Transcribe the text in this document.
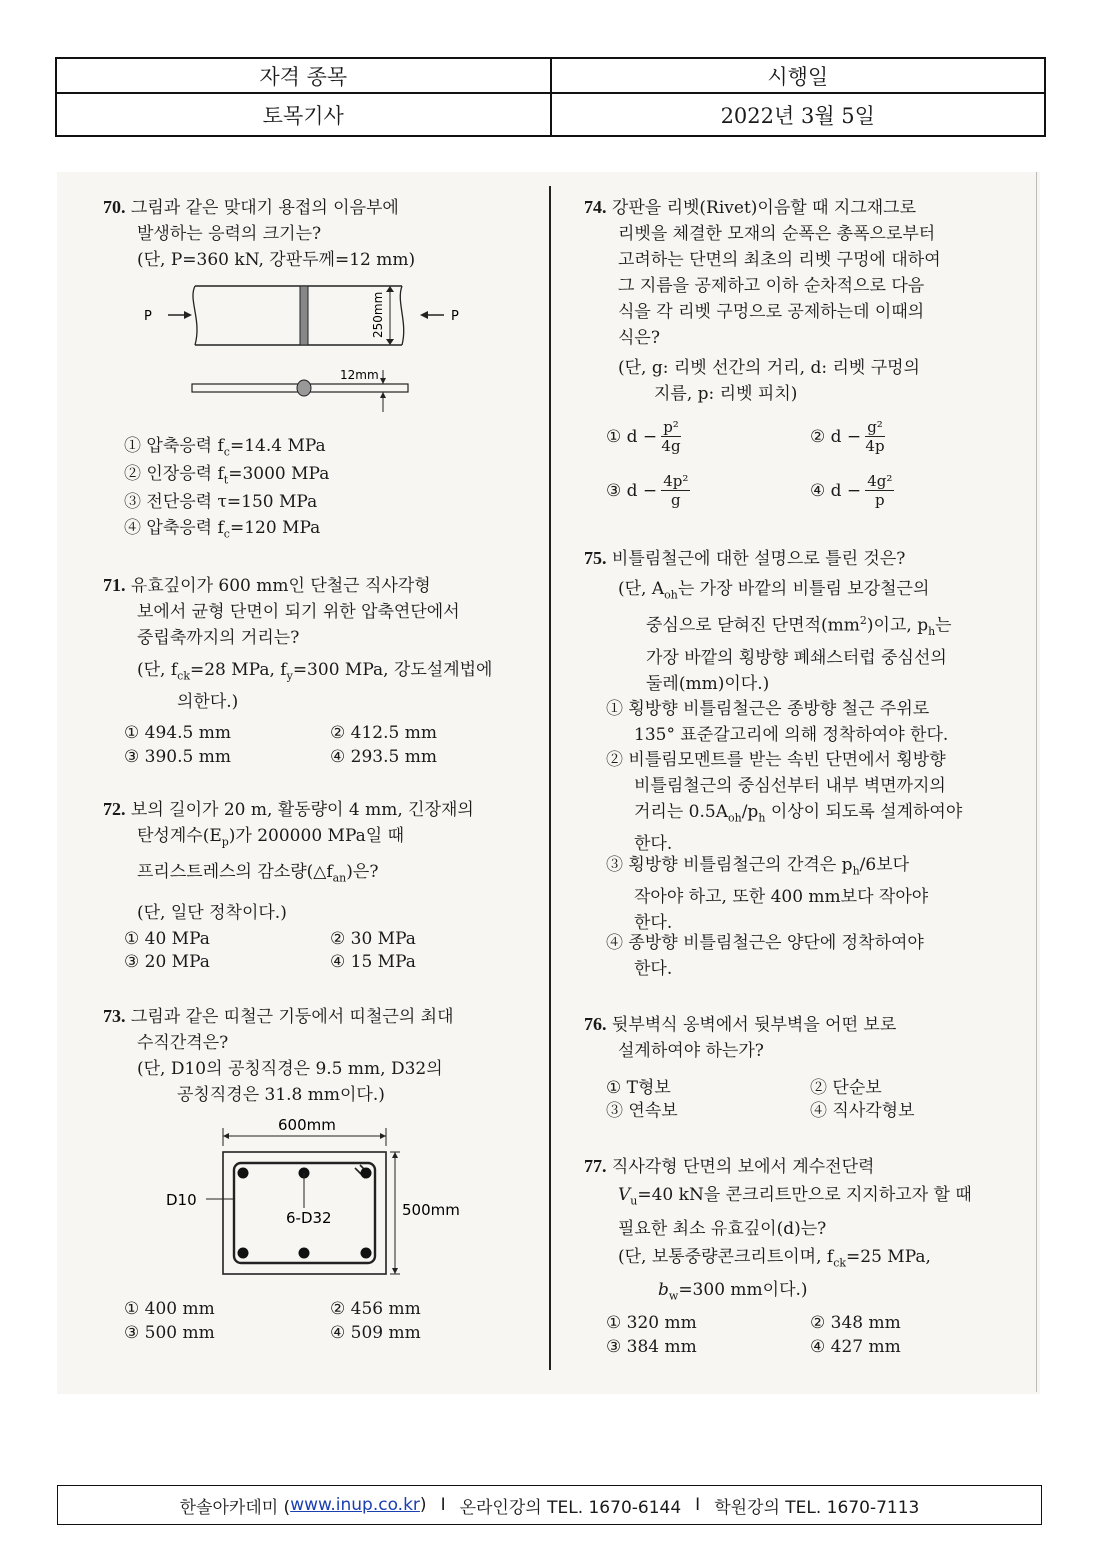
자격 종목	시행일
토목기사	2022년 3월 5일
70. 그림과 같은 맞대기 용접의 이음부에
발생하는 응력의 크기는?
(단, P=360 kN, 강판두께=12 mm)
P	P
250mm
12mm
① 압축응력 $f_c=14.4$ MPa
② 인장응력 $f_t=3000$ MPa
③ 전단응력 τ=150 MPa
④ 압축응력 $f_c=120$ MPa
71. 유효깊이가 600 mm인 단철근 직사각형
보에서 균형 단면이 되기 위한 압축연단에서
중립축까지의 거리는?
(단, $f_{ck}=28$ MPa, $f_y=300$ MPa, 강도설계법에
의한다.)
① 494.5 mm	② 412.5 mm
③ 390.5 mm	④ 293.5 mm
72. 보의 길이가 20 m, 활동량이 4 mm, 긴장재의
탄성계수$(E_p)$가 200000 MPa일 때
프리스트레스의 감소량$(\triangle f_{an})$은?
(단, 일단 정착이다.)
① 40 MPa	② 30 MPa
③ 20 MPa	④ 15 MPa
73. 그림과 같은 띠철근 기둥에서 띠철근의 최대
수직간격은?
(단, D10의 공칭직경은 9.5 mm, D32의
공칭직경은 31.8 mm이다.)
600mm
6-D32
D10
500mm
① 400 mm	② 456 mm
③ 500 mm	④ 509 mm
74. 강판을 리벳(Rivet)이음할 때 지그재그로
리벳을 체결한 모재의 순폭은 총폭으로부터
고려하는 단면의 최초의 리벳 구멍에 대하여
그 지름을 공제하고 이하 순차적으로 다음
식을 각 리벳 구멍으로 공제하는데 이때의
식은?
(단, g: 리벳 선간의 거리, d: 리벳 구멍의
지름, p: 리벳 피치)
① $d - \frac{\text{p²}}{4g}$	② $d - \frac{\text{g²}}{4p}$
③ $d - \frac{\text{4p²}}{g}$	④ $d - \frac{\text{4g²}}{p}$
75. 비틀림철근에 대한 설명으로 틀린 것은?
(단, $A_{oh}$는 가장 바깥의 비틀림 보강철근의
중심으로 닫혀진 단면적$(mm^2)$이고, $p_h$는
가장 바깥의 횡방향 폐쇄스터럽 중심선의
둘레(mm)이다.)
① 횡방향 비틀림철근은 종방향 철근 주위로
135° 표준갈고리에 의해 정착하여야 한다.
② 비틀림모멘트를 받는 속빈 단면에서 횡방향
비틀림철근의 중심선부터 내부 벽면까지의
거리는 $0.5A_{oh}/p_h$ 이상이 되도록 설계하여야
한다.
③ 횡방향 비틀림철근의 간격은 $p_h/6$보다
작아야 하고, 또한 400 mm보다 작아야
한다.
④ 종방향 비틀림철근은 양단에 정착하여야
한다.
76. 뒷부벽식 옹벽에서 뒷부벽을 어떤 보로
설계하여야 하는가?
① T형보	② 단순보
③ 연속보	④ 직사각형보
77. 직사각형 단면의 보에서 계수전단력
$V_u=40$ kN을 콘크리트만으로 지지하고자 할 때
필요한 최소 유효깊이(d)는?
(단, 보통중량콘크리트이며, $f_{ck}=25$ MPa,
$b_w=300$ mm이다.)
① 320 mm	② 348 mm
③ 384 mm	④ 427 mm
한솔아카데미 ( www.inup.co.kr ) I 온라인강의 TEL. 1670-6144 I 학원강의 TEL. 1670-7113
